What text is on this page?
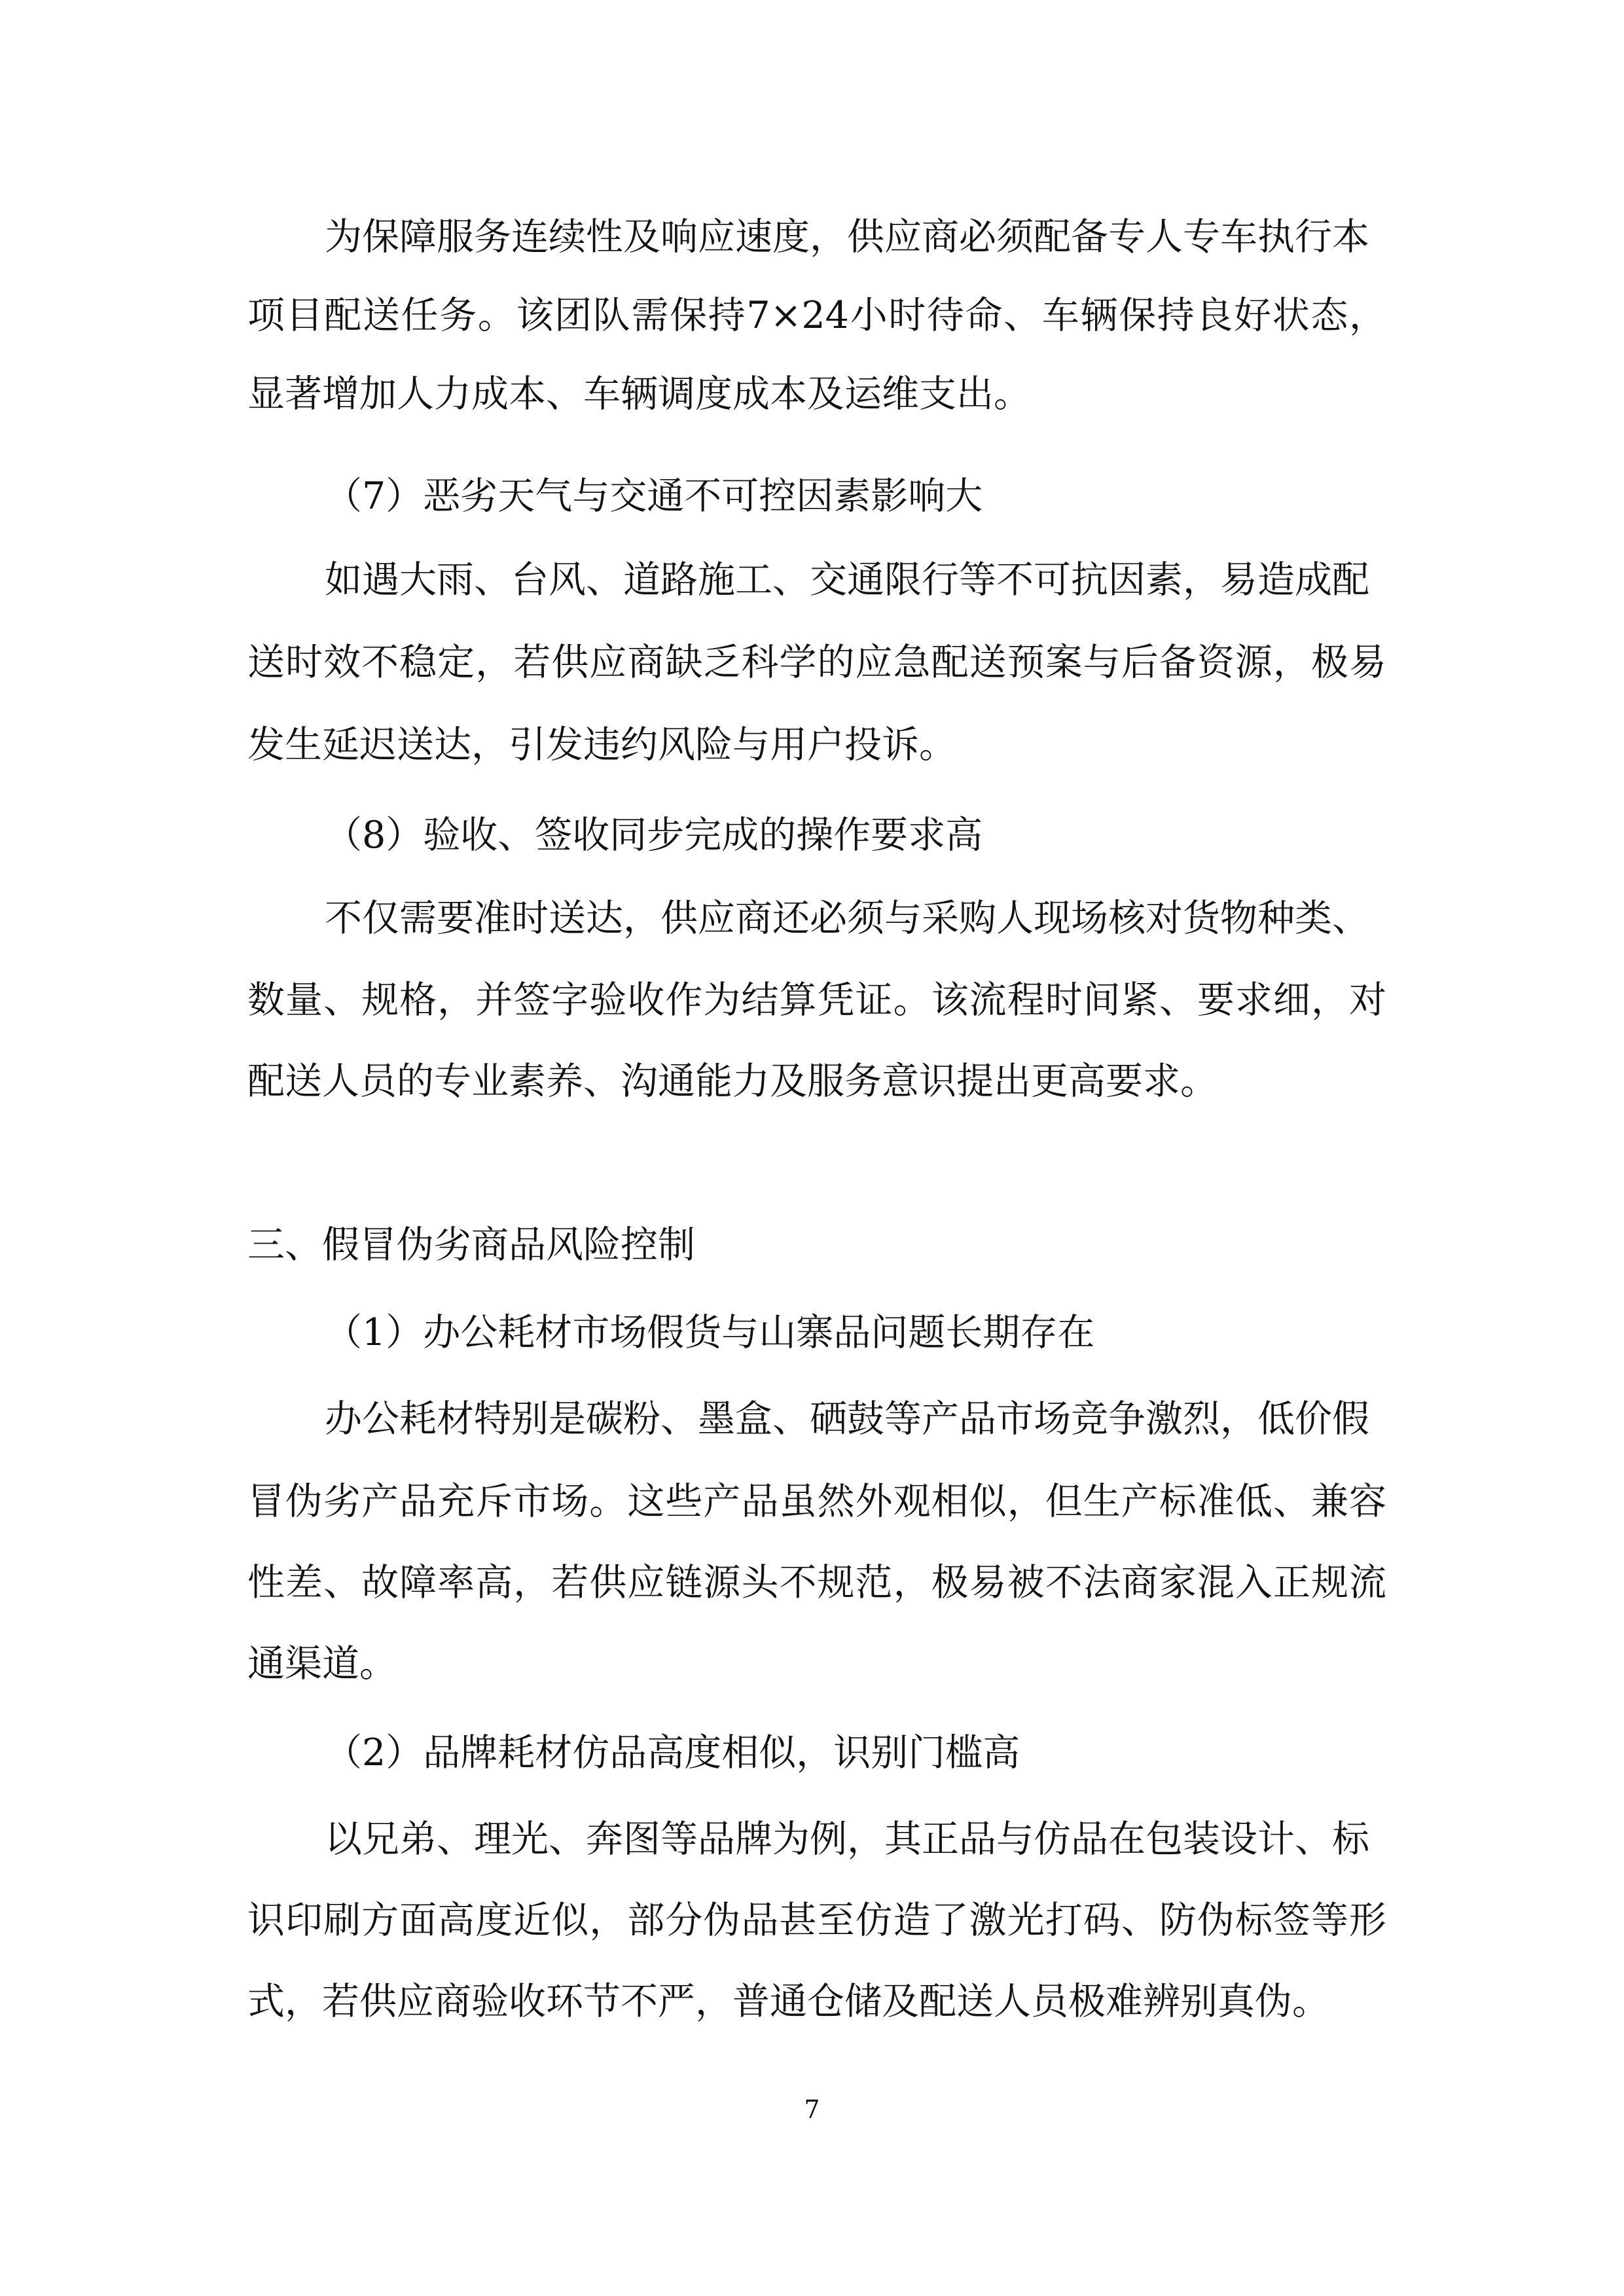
为保障服务连续性及响应速度，供应商必须配备专人专车执行本
项目配送任务。该团队需保持7×24小时待命、车辆保持良好状态，
显著增加人力成本、车辆调度成本及运维支出。
（7）恶劣天气与交通不可控因素影响大
如遇大雨、台风、道路施工、交通限行等不可抗因素，易造成配
送时效不稳定，若供应商缺乏科学的应急配送预案与后备资源，极易
发生延迟送达，引发违约风险与用户投诉。
（8）验收、签收同步完成的操作要求高
不仅需要准时送达，供应商还必须与采购人现场核对货物种类、
数量、规格，并签字验收作为结算凭证。该流程时间紧、要求细，对
配送人员的专业素养、沟通能力及服务意识提出更高要求。
三、假冒伪劣商品风险控制
（1）办公耗材市场假货与山寨品问题长期存在
办公耗材特别是碳粉、墨盒、硒鼓等产品市场竞争激烈，低价假
冒伪劣产品充斥市场。这些产品虽然外观相似，但生产标准低、兼容
性差、故障率高，若供应链源头不规范，极易被不法商家混入正规流
通渠道。
（2）品牌耗材仿品高度相似，识别门槛高
以兄弟、理光、奔图等品牌为例，其正品与仿品在包装设计、标
识印刷方面高度近似，部分伪品甚至仿造了激光打码、防伪标签等形
式，若供应商验收环节不严，普通仓储及配送人员极难辨别真伪。
7
